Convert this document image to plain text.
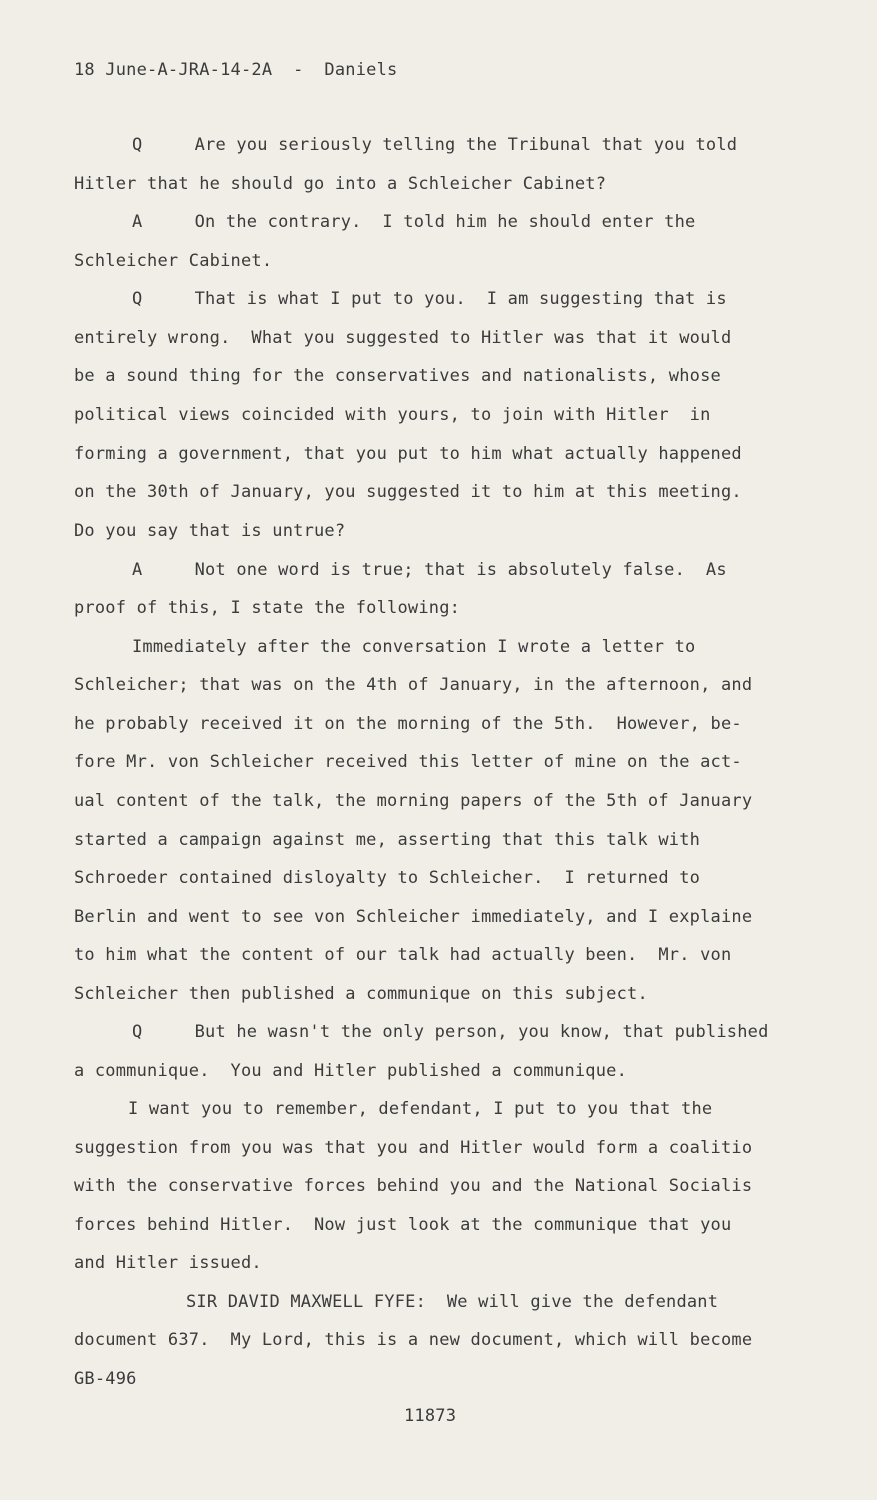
18 June-A-JRA-14-2A  -  Daniels
Q     Are you seriously telling the Tribunal that you told
Hitler that he should go into a Schleicher Cabinet?
A     On the contrary.  I told him he should enter the
Schleicher Cabinet.
Q     That is what I put to you.  I am suggesting that is
entirely wrong.  What you suggested to Hitler was that it would
be a sound thing for the conservatives and nationalists, whose
political views coincided with yours, to join with Hitler  in
forming a government, that you put to him what actually happened
on the 30th of January, you suggested it to him at this meeting.
Do you say that is untrue?
A     Not one word is true; that is absolutely false.  As
proof of this, I state the following:
Immediately after the conversation I wrote a letter to
Schleicher; that was on the 4th of January, in the afternoon, and
he probably received it on the morning of the 5th.  However, be-
fore Mr. von Schleicher received this letter of mine on the act-
ual content of the talk, the morning papers of the 5th of January
started a campaign against me, asserting that this talk with
Schroeder contained disloyalty to Schleicher.  I returned to
Berlin and went to see von Schleicher immediately, and I explaine
to him what the content of our talk had actually been.  Mr. von
Schleicher then published a communique on this subject.
Q     But he wasn't the only person, you know, that published
a communique.  You and Hitler published a communique.
I want you to remember, defendant, I put to you that the
suggestion from you was that you and Hitler would form a coalitio
with the conservative forces behind you and the National Socialis
forces behind Hitler.  Now just look at the communique that you
and Hitler issued.
SIR DAVID MAXWELL FYFE:  We will give the defendant
document 637.  My Lord, this is a new document, which will become
GB-496
11873
